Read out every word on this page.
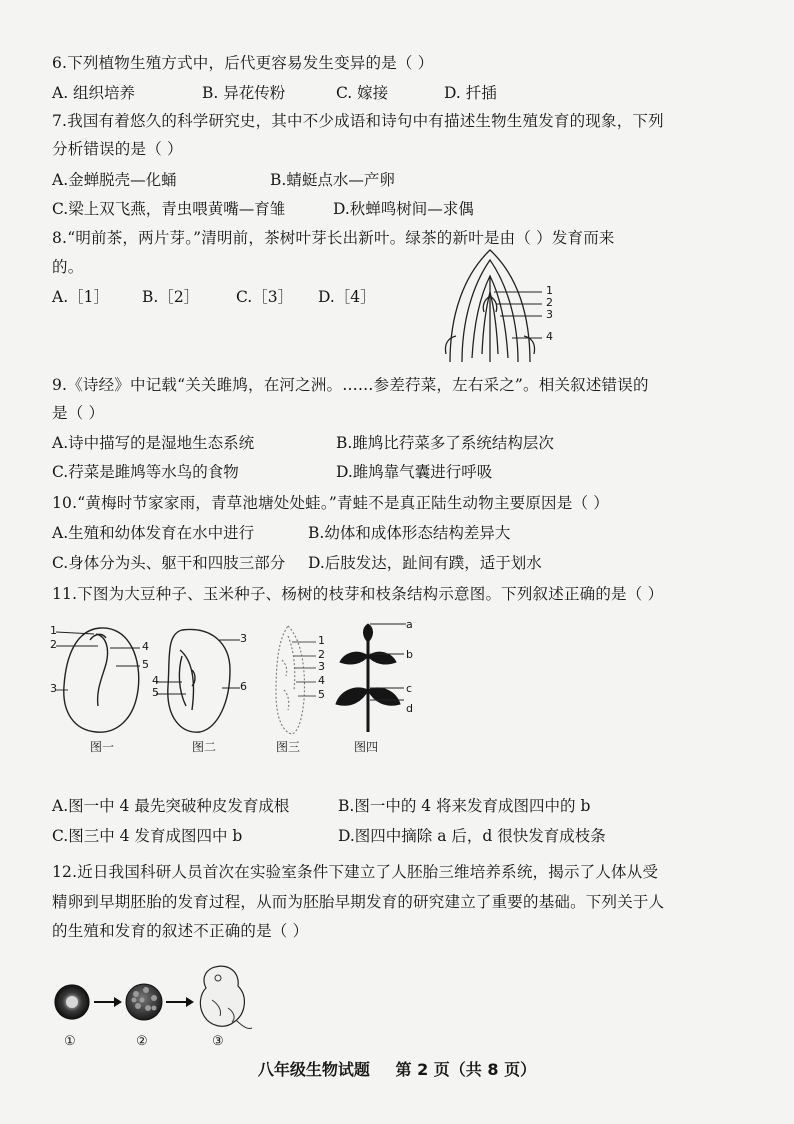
6.下列植物生殖方式中，后代更容易发生变异的是（ ）
A. 组织培养	B. 异花传粉	C. 嫁接	D. 扦插
7.我国有着悠久的科学研究史，其中不少成语和诗句中有描述生物生殖发育的现象，下列
分析错误的是（ ）
A.金蝉脱壳—化蛹	B.蜻蜓点水—产卵
C.梁上双飞燕，青虫喂黄嘴—育雏	D.秋蝉鸣树间—求偶
8.“明前茶，两片芽。”清明前，茶树叶芽长出新叶。绿茶的新叶是由（ ）发育而来
的。
A.［1］ B.［2］ C.［3］ D.［4］	1
2
3
4
9.《诗经》中记载“关关雎鸠，在河之洲。……参差荇菜，左右采之”。相关叙述错误的
是（ ）
A.诗中描写的是湿地生态系统	B.雎鸠比荇菜多了系统结构层次
C.荇菜是雎鸠等水鸟的食物	D.雎鸠靠气囊进行呼吸
10.“黄梅时节家家雨，青草池塘处处蛙。”青蛙不是真正陆生动物主要原因是（ ）
A.生殖和幼体发育在水中进行	B.幼体和成体形态结构差异大
C.身体分为头、躯干和四肢三部分 D.后肢发达，趾间有蹼，适于划水
11.下图为大豆种子、玉米种子、杨树的枝芽和枝条结构示意图。下列叙述正确的是（ ）
1
2
3
4
5
图一
3
4
5	6
图二
1
2
3
4
5
图三
a
b
c
d
图四
A.图一中 4 最先突破种皮发育成根	B.图一中的 4 将来发育成图四中的 b
C.图三中 4 发育成图四中 b	D.图四中摘除 a 后，d 很快发育成枝条
12.近日我国科研人员首次在实验室条件下建立了人胚胎三维培养系统，揭示了人体从受
精卵到早期胚胎的发育过程，从而为胚胎早期发育的研究建立了重要的基础。下列关于人
的生殖和发育的叙述不正确的是（ ）
①	②	③
八年级生物试题 第 2 页（共 8 页）
